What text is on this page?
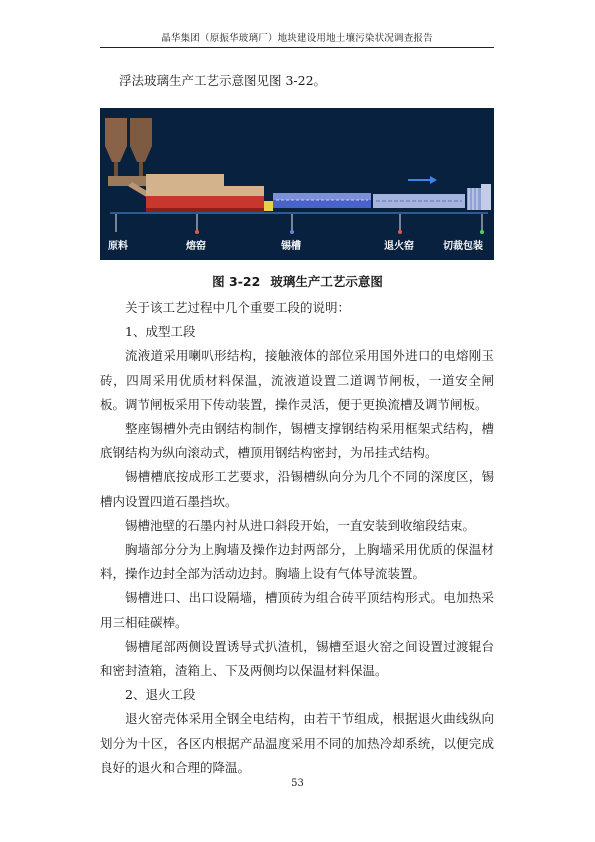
晶华集团（原振华玻璃厂）地块建设用地土壤污染状况调查报告
浮法玻璃生产工艺示意图见图 3-22。
原料	熔窑	锡槽	退火窑	切裁包装
图 3-22 玻璃生产工艺示意图

关于该工艺过程中几个重要工段的说明：

1、成型工段

流液道采用喇叭形结构，接触液体的部位采用国外进口的电熔刚玉砖，四周采用优质材料保温，流液道设置二道调节闸板，一道安全闸板。调节闸板采用下传动装置，操作灵活，便于更换流槽及调节闸板。

整座锡槽外壳由钢结构制作，锡槽支撑钢结构采用框架式结构，槽底钢结构为纵向滚动式，槽顶用钢结构密封，为吊挂式结构。

锡槽槽底按成形工艺要求，沿锡槽纵向分为几个不同的深度区，锡槽内设置四道石墨挡坎。

锡槽池壁的石墨内衬从进口斜段开始，一直安装到收缩段结束。

胸墙部分分为上胸墙及操作边封两部分，上胸墙采用优质的保温材料，操作边封全部为活动边封。胸墙上设有气体导流装置。

锡槽进口、出口设隔墙，槽顶砖为组合砖平顶结构形式。电加热采用三相硅碳棒。

锡槽尾部两侧设置诱导式扒渣机，锡槽至退火窑之间设置过渡辊台和密封渣箱，渣箱上、下及两侧均以保温材料保温。

2、退火工段

退火窑壳体采用全钢全电结构，由若干节组成，根据退火曲线纵向划分为十区，各区内根据产品温度采用不同的加热冷却系统，以便完成良好的退火和合理的降温。

53
